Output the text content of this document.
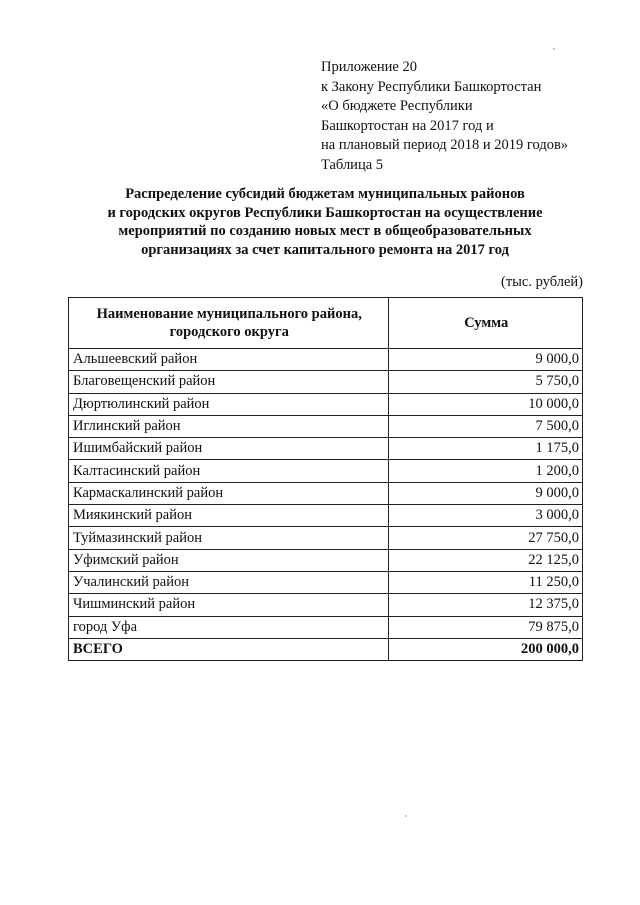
Приложение 20
к Закону Республики Башкортостан
«О бюджете Республики
Башкортостан на 2017 год и
на плановый период 2018 и 2019 годов»
Таблица 5
Распределение субсидий бюджетам муниципальных районов
и городских округов Республики Башкортостан на осуществление
мероприятий по созданию новых мест в общеобразовательных
организациях за счет капитального ремонта на 2017 год
(тыс. рублей)
Наименование муниципального района,
городского округа	Сумма
Альшеевский район	9 000,0
Благовещенский район	5 750,0
Дюртюлинский район	10 000,0
Иглинский район	7 500,0
Ишимбайский район	1 175,0
Калтасинский район	1 200,0
Кармаскалинский район	9 000,0
Миякинский район	3 000,0
Туймазинский район	27 750,0
Уфимский район	22 125,0
Учалинский район	11 250,0
Чишминский район	12 375,0
город Уфа	79 875,0
ВСЕГО	200 000,0
